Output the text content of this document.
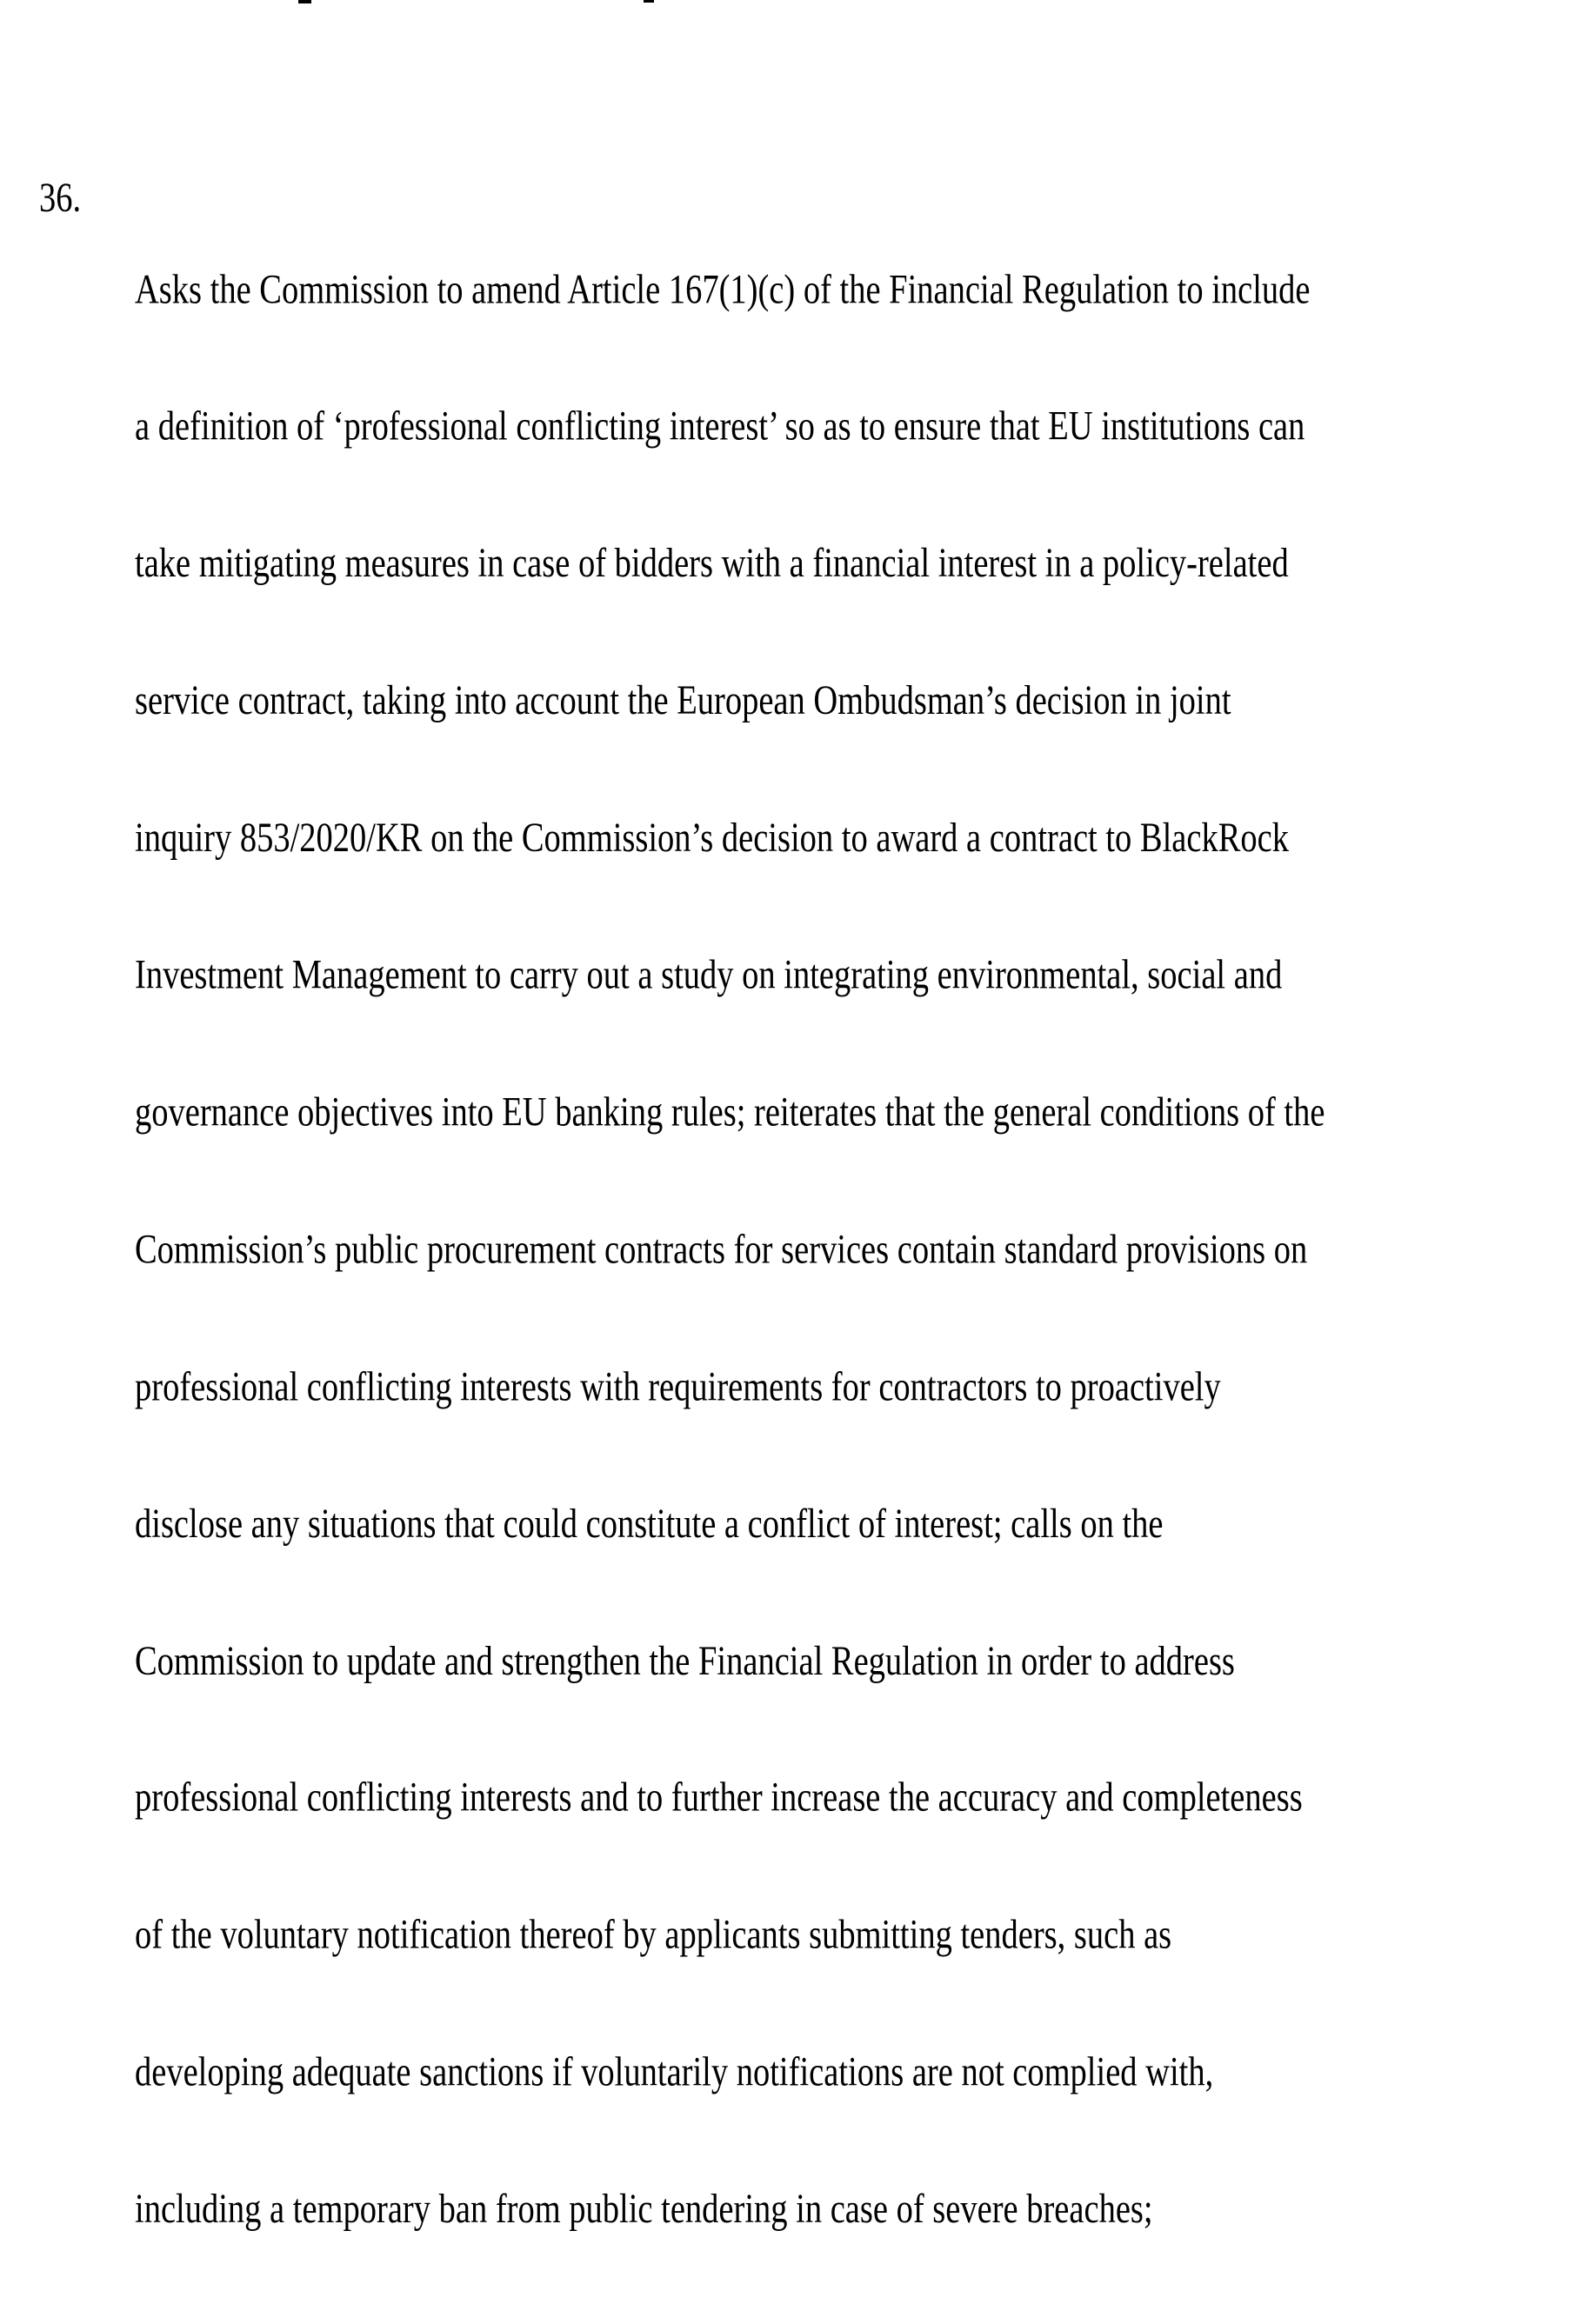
36.

Asks the Commission to amend Article 167(1)(c) of the Financial Regulation to include

a definition of ‘professional conflicting interest’ so as to ensure that EU institutions can

take mitigating measures in case of bidders with a financial interest in a policy-related

service contract, taking into account the European Ombudsman’s decision in joint

inquiry 853/2020/KR on the Commission’s decision to award a contract to BlackRock

Investment Management to carry out a study on integrating environmental, social and

governance objectives into EU banking rules; reiterates that the general conditions of the

Commission’s public procurement contracts for services contain standard provisions on

professional conflicting interests with requirements for contractors to proactively

disclose any situations that could constitute a conflict of interest; calls on the

Commission to update and strengthen the Financial Regulation in order to address

professional conflicting interests and to further increase the accuracy and completeness

of the voluntary notification thereof by applicants submitting tenders, such as

developing adequate sanctions if voluntarily notifications are not complied with,

including a temporary ban from public tendering in case of severe breaches;
